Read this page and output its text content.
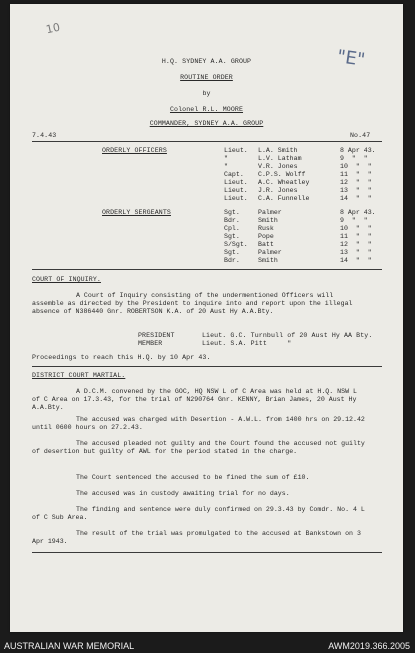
10
"E"
H.Q. SYDNEY A.A. GROUP
ROUTINE ORDER
by
Colonel R.L. MOORE
COMMANDER, SYDNEY A.A. GROUP
7.4.43	No.47
ORDERLY OFFICERS	Lieut. L.A. Smith	8 Apr 43.
"	L.V. Latham	9  "  "
"	V.R. Jones	10  "  "
Capt. C.P.S. Wolff	11  "  "
Lieut. A.C. Wheatley	12  "  "
Lieut. J.R. Jones	13  "  "
Lieut. C.A. Funnelle	14  "  "
ORDERLY SERGEANTS	Sgt.	Palmer	8 Apr 43.
Bdr.	Smith	9  "  "
Cpl.	Rusk	10  "  "
Sgt.	Pope	11  "  "
S/Sgt. Batt	12  "  "
Sgt.	Palmer	13  "  "
Bdr.	Smith	14  "  "
COURT OF INQUIRY.
A Court of Inquiry consisting of the undermentioned Officers will assemble as directed by the President to inquire into and report upon the illegal absence of N386440 Gnr. ROBERTSON K.A. of 20 Aust Hy A.A.Bty.
PRESIDENT	Lieut. G.C. Turnbull of 20 Aust Hy AA Bty.
MEMBER	Lieut. S.A. Pitt     "
Proceedings to reach this H.Q. by 10 Apr 43.
DISTRICT COURT MARTIAL.
A D.C.M. convened by the GOC, HQ NSW L of C Area was held at H.Q. NSW L of C Area on 17.3.43, for the trial of N290764 Gnr. KENNY, Brian James, 20 Aust Hy A.A.Bty.
The accused was charged with Desertion - A.W.L. from 1400 hrs on 29.12.42 until 0600 hours on 27.2.43.
The accused pleaded not guilty and the Court found the accused not guilty of desertion but guilty of AWL for the period stated in the charge.
The Court sentenced the accused to be fined the sum of £10.
The accused was in custody awaiting trial for no days.
The finding and sentence were duly confirmed on 29.3.43 by Comdr. No. 4 L of C Sub Area.
The result of the trial was promulgated to the accused at Bankstown on 3 Apr 1943.
AUSTRALIAN WAR MEMORIAL	AWM2019.366.2005
